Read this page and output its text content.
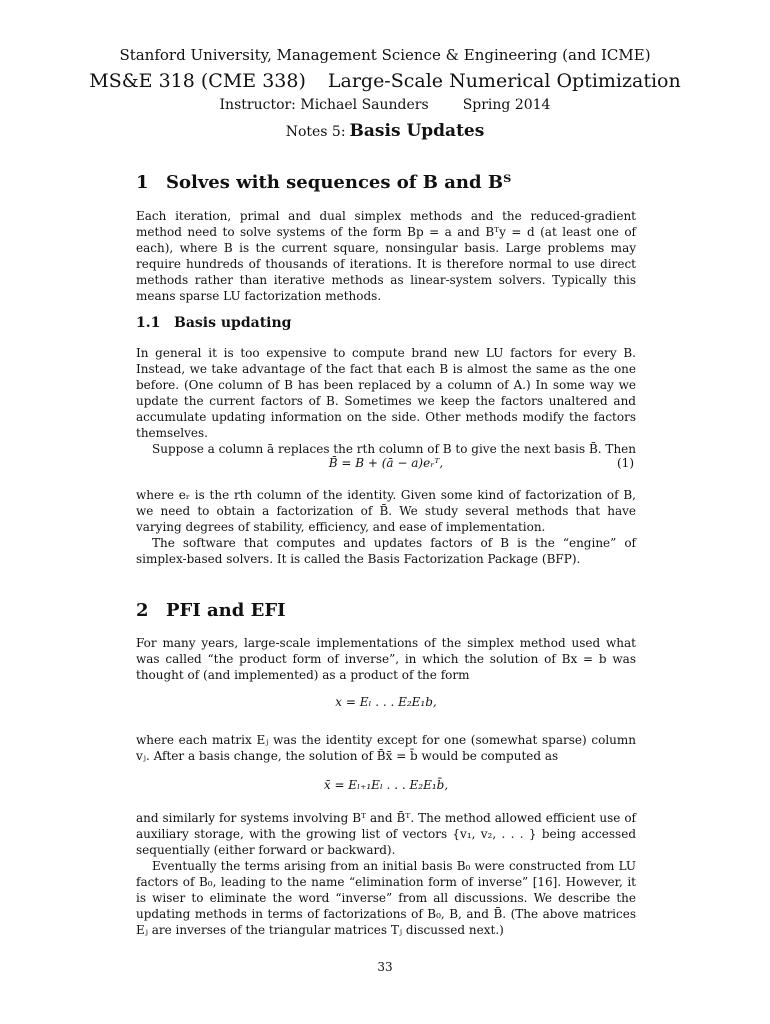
Stanford University, Management Science & Engineering (and ICME)
MS&E 318 (CME 338) Large-Scale Numerical Optimization
Instructor: Michael Saunders Spring 2014
Notes 5: Basis Updates
1 Solves with sequences of B and Bᵀ

Each iteration, primal and dual simplex methods and the reduced-gradient method need to solve systems of the form Bp = a and Bᵀy = d (at least one of each), where B is the current square, nonsingular basis. Large problems may require hundreds of thousands of iterations. It is therefore normal to use direct methods rather than iterative methods as linear-system solvers. Typically this means sparse LU factorization methods.

1.1 Basis updating

In general it is too expensive to compute brand new LU factors for every B. Instead, we take advantage of the fact that each B is almost the same as the one before. (One column of B has been replaced by a column of A.) In some way we update the current factors of B. Sometimes we keep the factors unaltered and accumulate updating information on the side. Other methods modify the factors themselves.

Suppose a column ā replaces the rth column of B to give the next basis B̄. Then

B̄ = B + (ā − a)eᵣᵀ,	(1)

where eᵣ is the rth column of the identity. Given some kind of factorization of B, we need to obtain a factorization of B̄. We study several methods that have varying degrees of stability, efficiency, and ease of implementation.

The software that computes and updates factors of B is the “engine” of simplex-based solvers. It is called the Basis Factorization Package (BFP).

2 PFI and EFI

For many years, large-scale implementations of the simplex method used what was called “the product form of inverse”, in which the solution of Bx = b was thought of (and implemented) as a product of the form

x = Eₗ . . . E₂E₁b,

where each matrix Eⱼ was the identity except for one (somewhat sparse) column vⱼ. After a basis change, the solution of B̄x̄ = b̄ would be computed as

x̄ = Eₗ₊₁Eₗ . . . E₂E₁b̄,

and similarly for systems involving Bᵀ and B̄ᵀ. The method allowed efficient use of auxiliary storage, with the growing list of vectors {v₁, v₂, . . . } being accessed sequentially (either forward or backward).

Eventually the terms arising from an initial basis B₀ were constructed from LU factors of B₀, leading to the name “elimination form of inverse” [16]. However, it is wiser to eliminate the word “inverse” from all discussions. We describe the updating methods in terms of factorizations of B₀, B, and B̄. (The above matrices Eⱼ are inverses of the triangular matrices Tⱼ discussed next.)

33
